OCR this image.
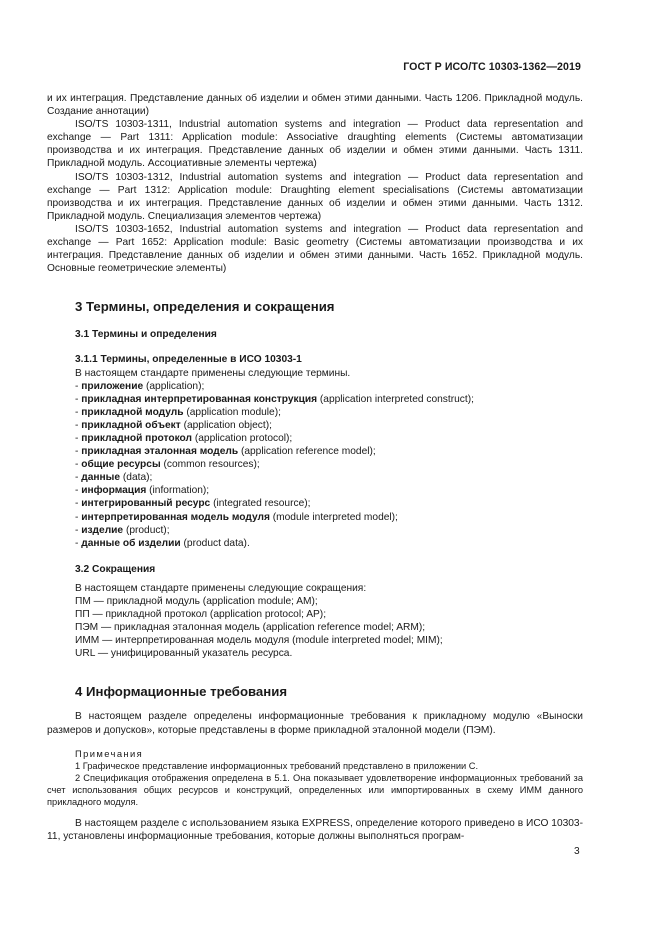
ГОСТ Р ИСО/ТС 10303-1362—2019

и их интеграция. Представление данных об изделии и обмен этими данными. Часть 1206. Прикладной модуль. Создание аннотации)

ISO/TS 10303-1311, Industrial automation systems and integration — Product data representation and exchange — Part 1311: Application module: Associative draughting elements (Системы автоматизации производства и их интеграция. Представление данных об изделии и обмен этими данными. Часть 1311. Прикладной модуль. Ассоциативные элементы чертежа)

ISO/TS 10303-1312, Industrial automation systems and integration — Product data representation and exchange — Part 1312: Application module: Draughting element specialisations (Системы автоматизации производства и их интеграция. Представление данных об изделии и обмен этими данными. Часть 1312. Прикладной модуль. Специализация элементов чертежа)

ISO/TS 10303-1652, Industrial automation systems and integration — Product data representation and exchange — Part 1652: Application module: Basic geometry (Системы автоматизации производства и их интеграция. Представление данных об изделии и обмен этими данными. Часть 1652. Прикладной модуль. Основные геометрические элементы)

3 Термины, определения и сокращения
3.1 Термины и определения
3.1.1 Термины, определенные в ИСО 10303-1

В настоящем стандарте применены следующие термины.

- приложение (application);
- прикладная интерпретированная конструкция (application interpreted construct);
- прикладной модуль (application module);
- прикладной объект (application object);
- прикладной протокол (application protocol);
- прикладная эталонная модель (application reference model);
- общие ресурсы (common resources);
- данные (data);
- информация (information);
- интегрированный ресурс (integrated resource);
- интерпретированная модель модуля (module interpreted model);
- изделие (product);
- данные об изделии (product data).
3.2 Сокращения

В настоящем стандарте применены следующие сокращения:

ПМ — прикладной модуль (application module; AM);
ПП — прикладной протокол (application protocol; AP);
ПЭМ — прикладная эталонная модель (application reference model; ARM);
ИММ — интерпретированная модель модуля (module interpreted model; MIM);
URL — унифицированный указатель ресурса.
4 Информационные требования

В настоящем разделе определены информационные требования к прикладному модулю «Выноски размеров и допусков», которые представлены в форме прикладной эталонной модели (ПЭМ).

Примечания

1 Графическое представление информационных требований представлено в приложении С.

2 Спецификация отображения определена в 5.1. Она показывает удовлетворение информационных требований за счет использования общих ресурсов и конструкций, определенных или импортированных в схему ИММ данного прикладного модуля.

В настоящем разделе с использованием языка EXPRESS, определение которого приведено в ИСО 10303-11, установлены информационные требования, которые должны выполняться програм-

3
